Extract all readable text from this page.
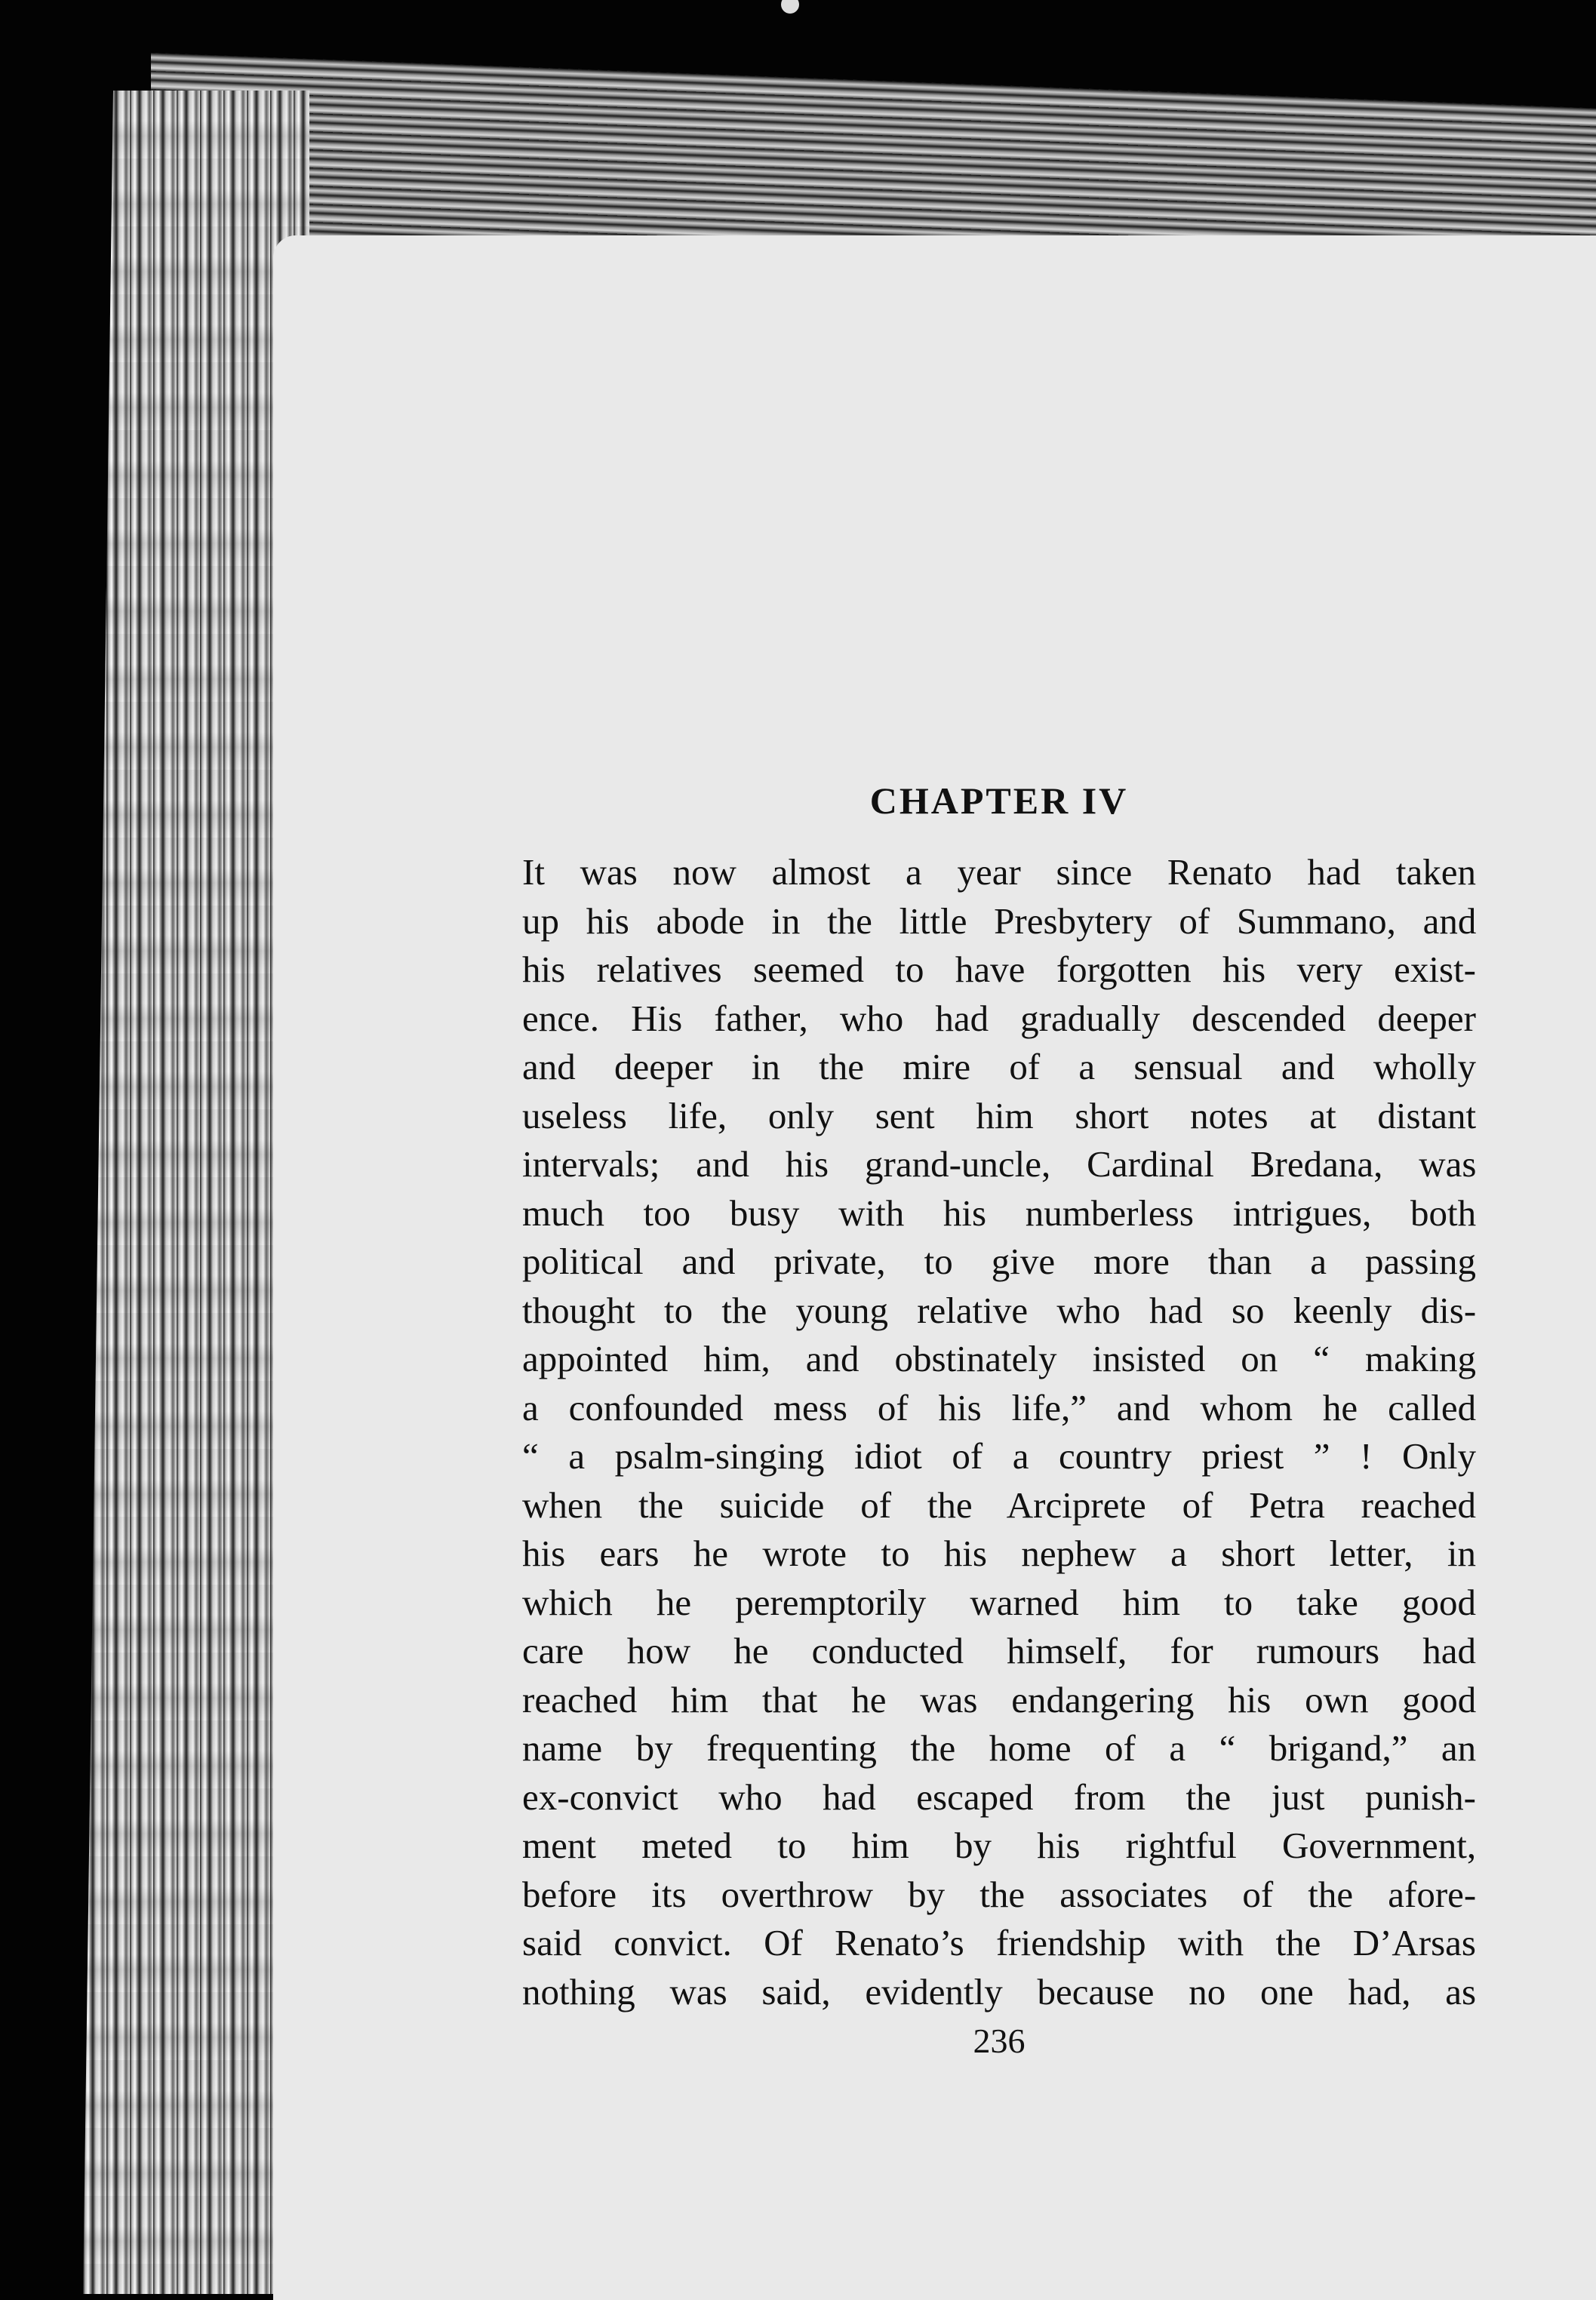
CHAPTER IV

It was now almost a year since Renato had taken
up his abode in the little Presbytery of Summano, and
his relatives seemed to have forgotten his very exist-
ence. His father, who had gradually descended deeper
and deeper in the mire of a sensual and wholly
useless life, only sent him short notes at distant
intervals; and his grand-uncle, Cardinal Bredana, was
much too busy with his numberless intrigues, both
political and private, to give more than a passing
thought to the young relative who had so keenly dis-
appointed him, and obstinately insisted on “ making
a confounded mess of his life,” and whom he called
“ a psalm-singing idiot of a country priest ” ! Only
when the suicide of the Arciprete of Petra reached
his ears he wrote to his nephew a short letter, in
which he peremptorily warned him to take good
care how he conducted himself, for rumours had
reached him that he was endangering his own good
name by frequenting the home of a “ brigand,” an
ex-convict who had escaped from the just punish-
ment meted to him by his rightful Government,
before its overthrow by the associates of the afore-
said convict. Of Renato’s friendship with the D’Arsas
nothing was said, evidently because no one had, as

236
